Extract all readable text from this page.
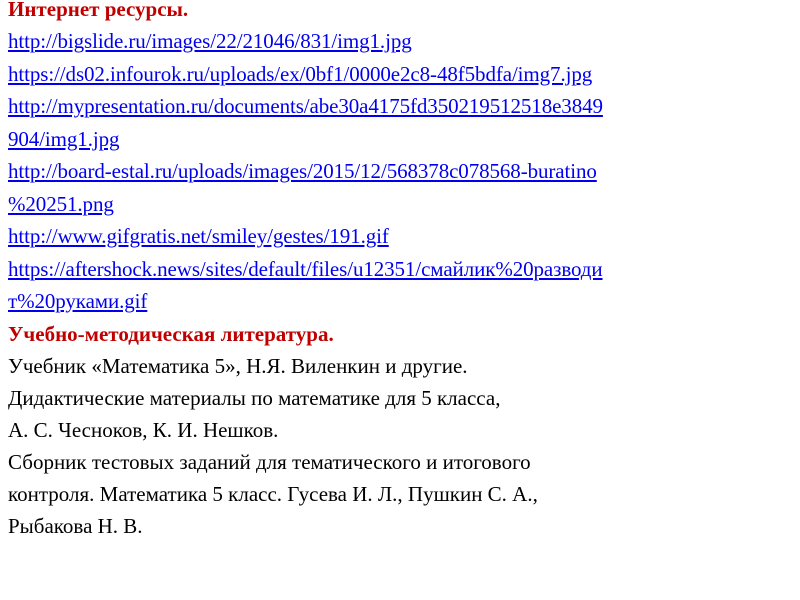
Интернет ресурсы.

http://bigslide.ru/images/22/21046/831/img1.jpg
https://ds02.infourok.ru/uploads/ex/0bf1/0000e2c8-48f5bdfa/img7.jpg
http://mypresentation.ru/documents/abe30a4175fd350219512518e3849
904/img1.jpg
http://board-estal.ru/uploads/images/2015/12/568378c078568-buratino
%20251.png
http://www.gifgratis.net/smiley/gestes/191.gif
https://aftershock.news/sites/default/files/u12351/смайлик%20разводи
т%20руками.gif

Учебно-методическая литература.

Учебник «Математика 5», Н.Я. Виленкин и другие.
Дидактические материалы по математике для 5 класса,
А. С. Чесноков, К. И. Нешков.
Сборник тестовых заданий для тематического и итогового
контроля. Математика 5 класс. Гусева И. Л., Пушкин С. А.,
Рыбакова Н. В.
